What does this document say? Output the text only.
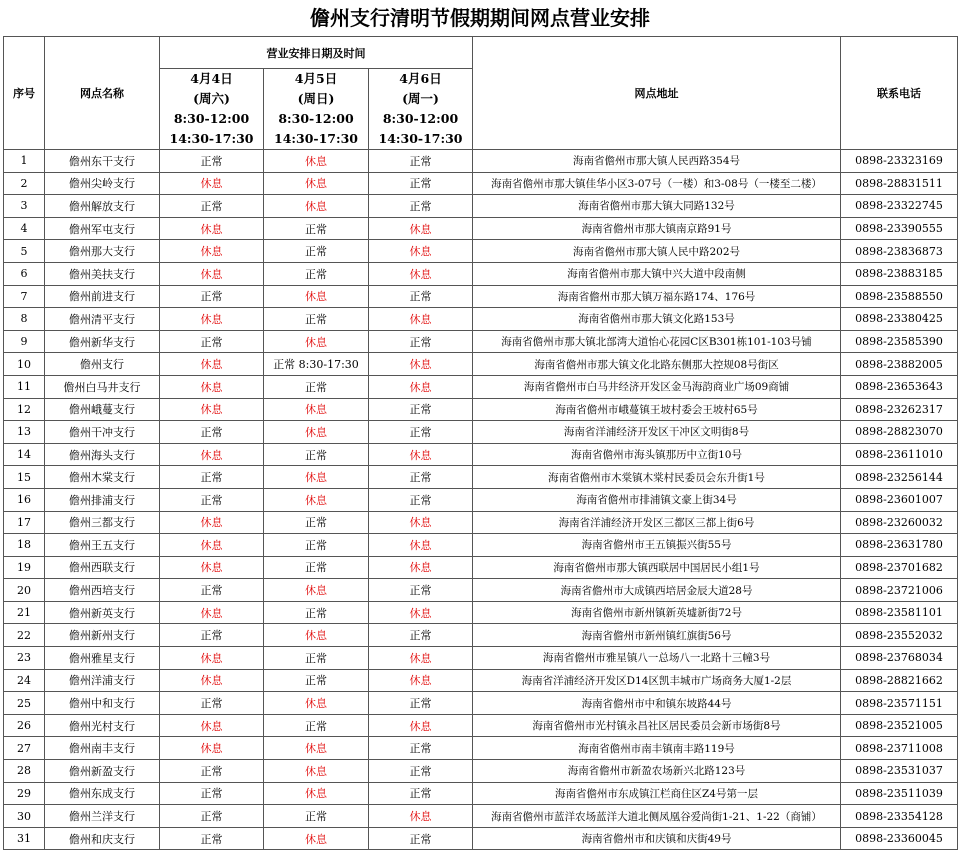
儋州支行清明节假期期间网点营业安排
序号	网点名称	营业安排日期及时间			网点地址	联系电话

		4月4日
(周六)
8:30-12:00
14:30-17:30	4月5日
(周日)
8:30-12:00
14:30-17:30	4月6日
(周一)
8:30-12:00
14:30-17:30		

1	儋州东干支行	正常	休息	正常	海南省儋州市那大镇人民西路354号	0898-23323169
2	儋州尖岭支行	休息	休息	正常	海南省儋州市那大镇佳华小区3-07号（一楼）和3-08号（一楼至二楼）	0898-28831511
3	儋州解放支行	正常	休息	正常	海南省儋州市那大镇大同路132号	0898-23322745
4	儋州军屯支行	休息	正常	休息	海南省儋州市那大镇南京路91号	0898-23390555
5	儋州那大支行	休息	正常	休息	海南省儋州市那大镇人民中路202号	0898-23836873
6	儋州美扶支行	休息	正常	休息	海南省儋州市那大镇中兴大道中段南侧	0898-23883185
7	儋州前进支行	正常	休息	正常	海南省儋州市那大镇万福东路174、176号	0898-23588550
8	儋州清平支行	休息	正常	休息	海南省儋州市那大镇文化路153号	0898-23380425
9	儋州新华支行	正常	休息	正常	海南省儋州市那大镇北部湾大道怡心花园C区B301栋101-103号铺	0898-23585390
10	儋州支行	休息	正常 8:30-17:30	休息	海南省儋州市那大镇文化北路东侧那大控规08号街区	0898-23882005
11	儋州白马井支行	休息	正常	休息	海南省儋州市白马井经济开发区金马海韵商业广场09商铺	0898-23653643
12	儋州峨蔓支行	休息	休息	正常	海南省儋州市峨蔓镇王坡村委会王坡村65号	0898-23262317
13	儋州干冲支行	正常	休息	正常	海南省洋浦经济开发区干冲区文明街8号	0898-28823070
14	儋州海头支行	休息	正常	休息	海南省儋州市海头镇那历中立街10号	0898-23611010
15	儋州木棠支行	正常	休息	正常	海南省儋州市木棠镇木棠村民委员会东升街1号	0898-23256144
16	儋州排浦支行	正常	休息	正常	海南省儋州市排浦镇文豪上街34号	0898-23601007
17	儋州三都支行	休息	正常	休息	海南省洋浦经济开发区三都区三都上街6号	0898-23260032
18	儋州王五支行	休息	正常	休息	海南省儋州市王五镇振兴街55号	0898-23631780
19	儋州西联支行	休息	正常	休息	海南省儋州市那大镇西联居中国居民小组1号	0898-23701682
20	儋州西培支行	正常	休息	正常	海南省儋州市大成镇西培居金辰大道28号	0898-23721006
21	儋州新英支行	休息	正常	休息	海南省儋州市新州镇新英墟新街72号	0898-23581101
22	儋州新州支行	正常	休息	正常	海南省儋州市新州镇红旗街56号	0898-23552032
23	儋州雅星支行	休息	正常	休息	海南省儋州市雅星镇八一总场八一北路十三幢3号	0898-23768034
24	儋州洋浦支行	休息	正常	休息	海南省洋浦经济开发区D14区凯丰城市广场商务大厦1-2层	0898-28821662
25	儋州中和支行	正常	休息	正常	海南省儋州市中和镇东坡路44号	0898-23571151
26	儋州光村支行	休息	正常	休息	海南省儋州市光村镇永昌社区居民委员会新市场街8号	0898-23521005
27	儋州南丰支行	休息	休息	正常	海南省儋州市南丰镇南丰路119号	0898-23711008
28	儋州新盈支行	正常	休息	正常	海南省儋州市新盈农场新兴北路123号	0898-23531037
29	儋州东成支行	正常	休息	正常	海南省儋州市东成镇江栏商住区Z4号第一层	0898-23511039
30	儋州兰洋支行	正常	正常	休息	海南省儋州市蓝洋农场蓝洋大道北侧凤凰谷爱尚街1-21、1-22（商铺）	0898-23354128
31	儋州和庆支行	正常	休息	正常	海南省儋州市和庆镇和庆街49号	0898-23360045
